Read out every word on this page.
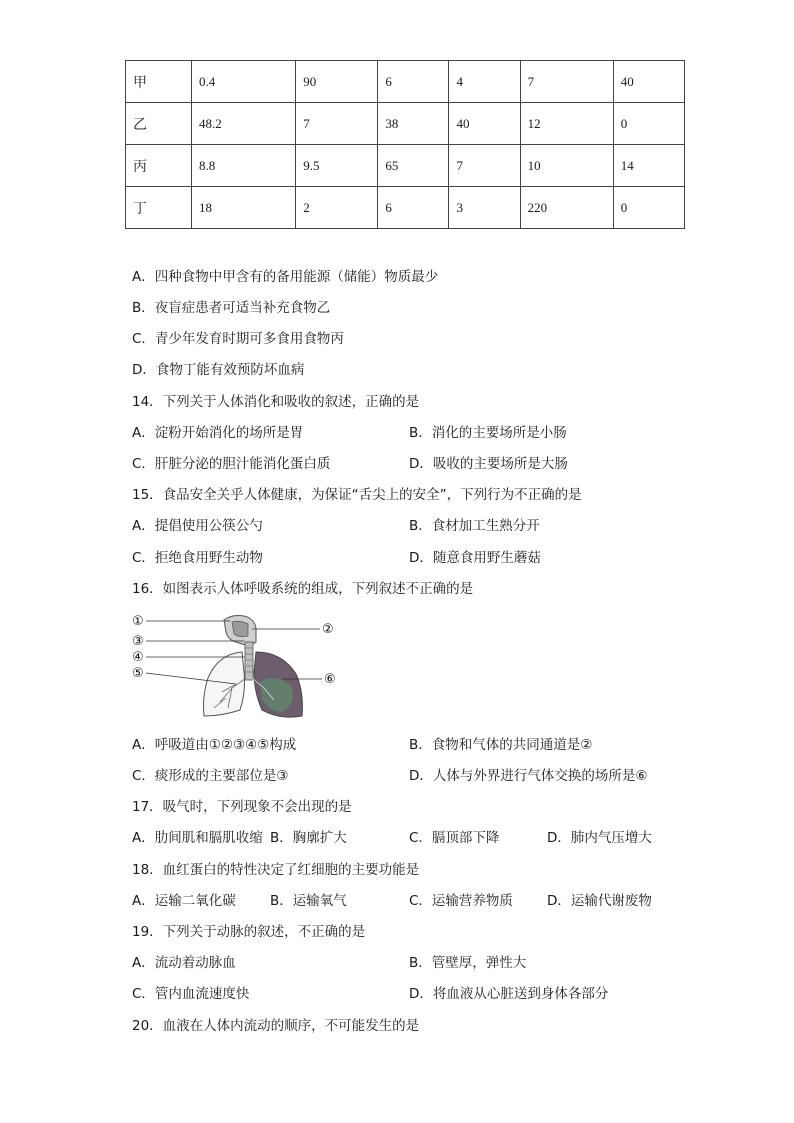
甲	0.4	90	6	4	7	40
乙	48.2	7	38	40	12	0
丙	8.8	9.5	65	7	10	14
丁	18	2	6	3	220	0
A．四种食物中甲含有的备用能源（储能）物质最少
B．夜盲症患者可适当补充食物乙
C．青少年发育时期可多食用食物丙
D．食物丁能有效预防坏血病
14．下列关于人体消化和吸收的叙述，正确的是
A．淀粉开始消化的场所是胃	B．消化的主要场所是小肠
C．肝脏分泌的胆汁能消化蛋白质	D．吸收的主要场所是大肠
15．食品安全关乎人体健康，为保证“舌尖上的安全”，下列行为不正确的是
A．提倡使用公筷公勺	B．食材加工生熟分开
C．拒绝食用野生动物	D．随意食用野生蘑菇
16．如图表示人体呼吸系统的组成，下列叙述不正确的是
①
②
③
④
⑤	⑥
A．呼吸道由①②③④⑤构成	B．食物和气体的共同通道是②
C．痰形成的主要部位是③	D．人体与外界进行气体交换的场所是⑥
17．吸气时，下列现象不会出现的是
A．肋间肌和膈肌收缩 B．胸廓扩大	C．膈顶部下降	D．肺内气压增大
18．血红蛋白的特性决定了红细胞的主要功能是
A．运输二氧化碳	B．运输氧气	C．运输营养物质	D．运输代谢废物
19．下列关于动脉的叙述，不正确的是
A．流动着动脉血	B．管壁厚，弹性大
C．管内血流速度快	D．将血液从心脏送到身体各部分
20．血液在人体内流动的顺序，不可能发生的是
